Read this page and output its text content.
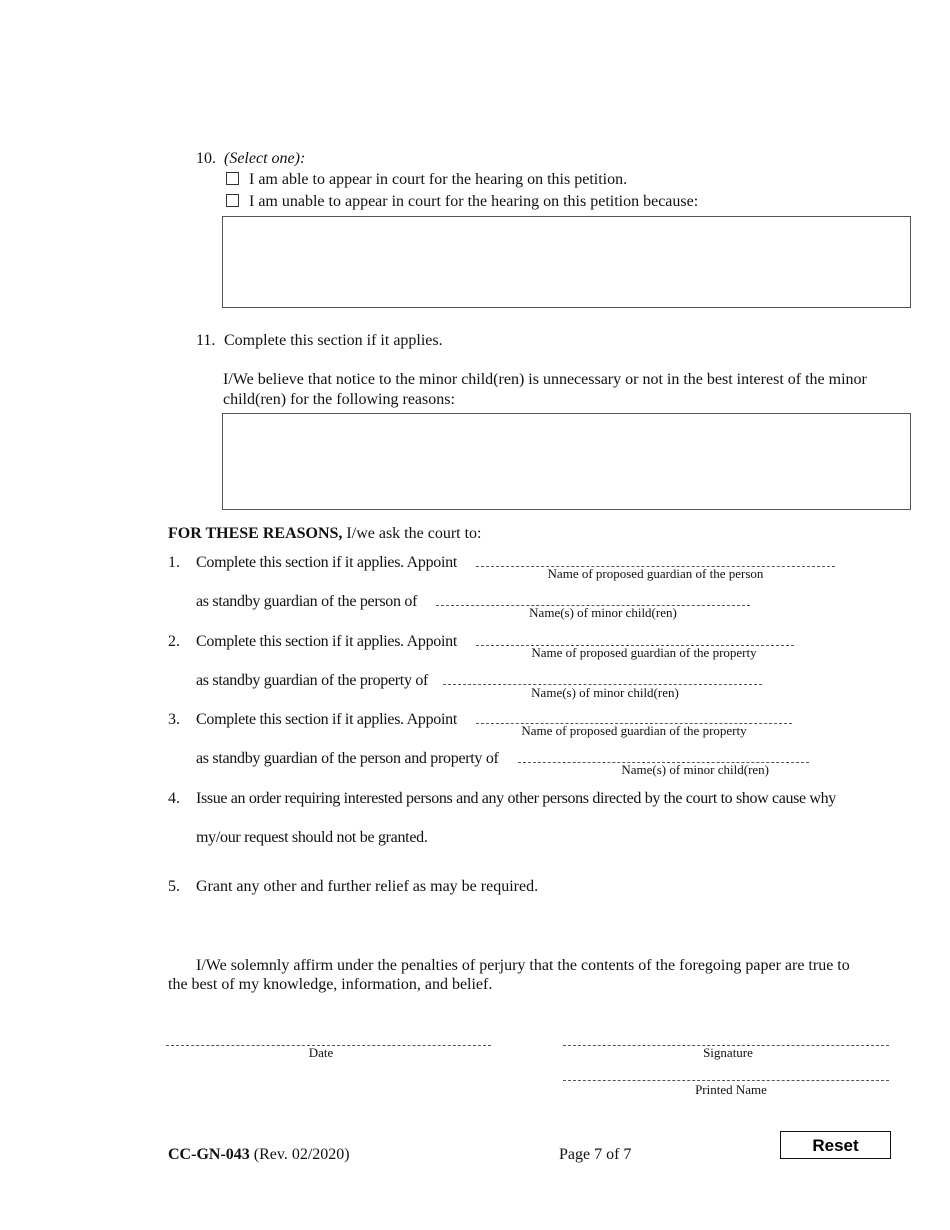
10. (Select one):
I am able to appear in court for the hearing on this petition.
I am unable to appear in court for the hearing on this petition because:
11. Complete this section if it applies.
I/We believe that notice to the minor child(ren) is unnecessary or not in the best interest of the minor child(ren) for the following reasons:
FOR THESE REASONS, I/we ask the court to:
1. Complete this section if it applies. Appoint
Name of proposed guardian of the person
as standby guardian of the person of
Name(s) of minor child(ren)
2. Complete this section if it applies. Appoint
Name of proposed guardian of the property
as standby guardian of the property of
Name(s) of minor child(ren)
3. Complete this section if it applies. Appoint
Name of proposed guardian of the property
as standby guardian of the person and property of
Name(s) of minor child(ren)
4. Issue an order requiring interested persons and any other persons directed by the court to show cause why
my/our request should not be granted.
5. Grant any other and further relief as may be required.
I/We solemnly affirm under the penalties of perjury that the contents of the foregoing paper are true to
the best of my knowledge, information, and belief.
Date	Signature
Printed Name
CC-GN-043 (Rev. 02/2020)	Page 7 of 7	Reset
